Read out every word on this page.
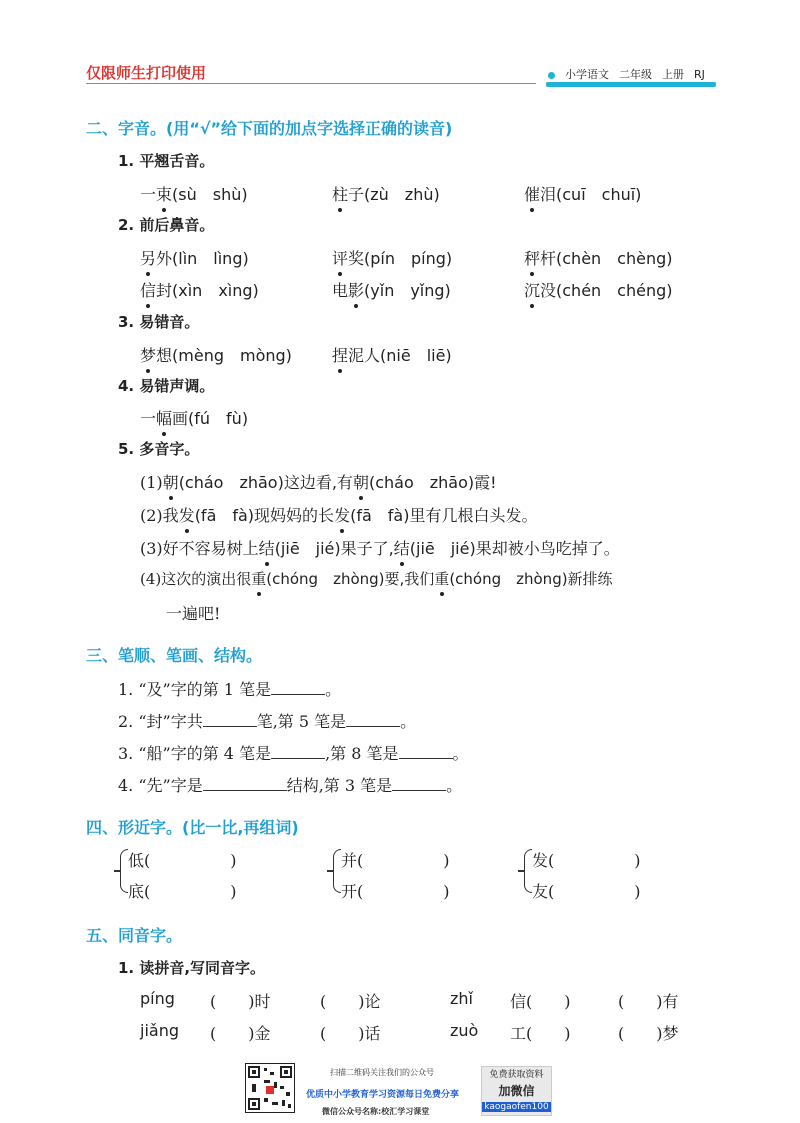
仅限师生打印使用	小学语文 二年级 上册 RJ
二、字音。(用“√”给下面的加点字选择正确的读音)
1. 平翘舌音。
一束(sù　shù)	柱子(zù　zhù)	催泪(cuī　chuī)
2. 前后鼻音。
另外(lìn　lìng)	评奖(pín　píng)	秤杆(chèn　chèng)
信封(xìn　xìng)	电影(yǐn　yǐng)	沉没(chén　chéng)
3. 易错音。
梦想(mèng　mòng)	捏泥人(niē　liē)
4. 易错声调。
一幅画(fú　fù)
5. 多音字。
(1)朝(cháo　zhāo)这边看,有朝(cháo　zhāo)霞!
(2)我发(fā　fà)现妈妈的长发(fā　fà)里有几根白头发。
(3)好不容易树上结(jiē　jié)果子了,结(jiē　jié)果却被小鸟吃掉了。
(4)这次的演出很重(chóng　zhòng)要,我们重(chóng　zhòng)新排练
一遍吧!
三、笔顺、笔画、结构。
1. “及”字的第 1 笔是	。
2. “封”字共	笔,第 5 笔是	。
3. “船”字的第 4 笔是	,第 8 笔是	。
4. “先”字是	结构,第 3 笔是	。
四、形近字。(比一比,再组词)
低(　　　　　)
底(　　　　　)
并(　　　　　)
开(　　　　　)
发(　　　　　)
友(　　　　　)
五、同音字。
1. 读拼音,写同音字。
píng (　　)时	(　　)论	zhǐ 信(　　)	(　　)有
jiǎng (　　)金	(　　)话	zuò 工(　　)	(　　)梦
扫描二维码关注我们的公众号
优质中小学教育学习资源每日免费分享
微信公众号名称:校汇学习课堂
免费获取资料
加微信
kaogaofen100
